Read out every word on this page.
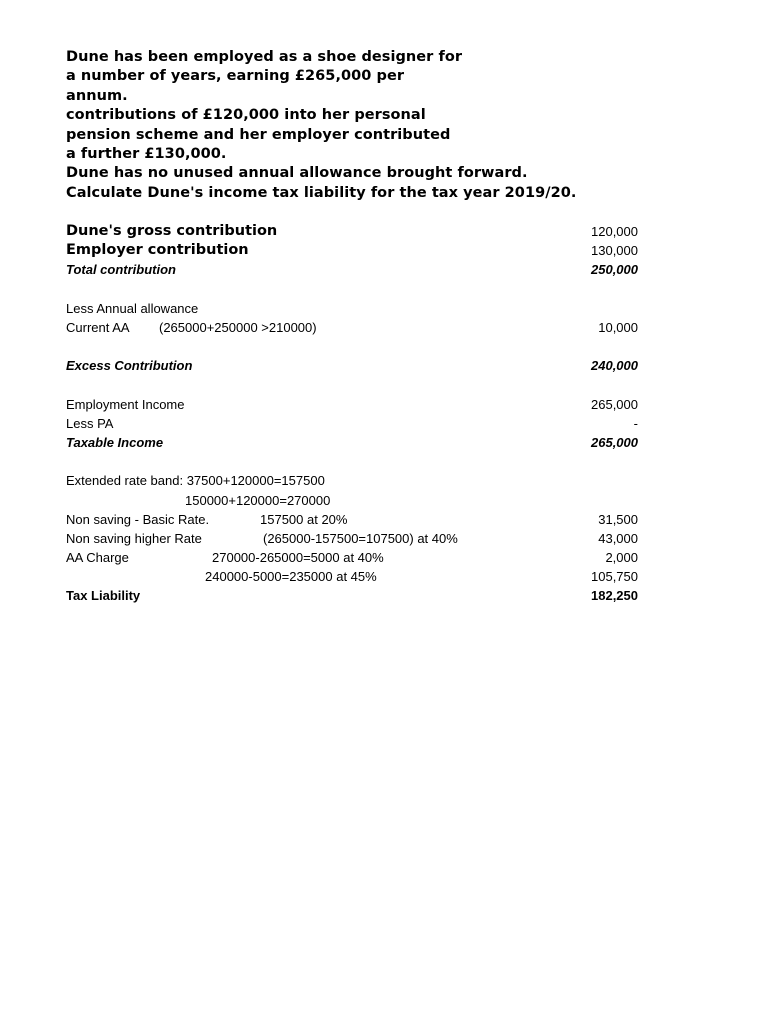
Dune has been employed as a shoe designer for
a number of years, earning £265,000 per
annum.
contributions of £120,000 into her personal
pension scheme and her employer contributed
a further £130,000.
Dune has no unused annual allowance brought forward.
Calculate Dune's income tax liability for the tax year 2019/20.
Dune's gross contribution	120,000
Employer contribution	130,000
Total contribution	250,000
Less Annual allowance
Current AA (265000+250000 >210000)	10,000
Excess Contribution	240,000
Employment Income	265,000
Less PA	-
Taxable Income	265,000
Extended rate band: 37500+120000=157500
150000+120000=270000
Non saving - Basic Rate.	157500 at 20%	31,500
Non saving higher Rate	(265000-157500=107500) at 40%	43,000
AA Charge	270000-265000=5000 at 40%	2,000
240000-5000=235000 at 45%	105,750
Tax Liability	182,250
